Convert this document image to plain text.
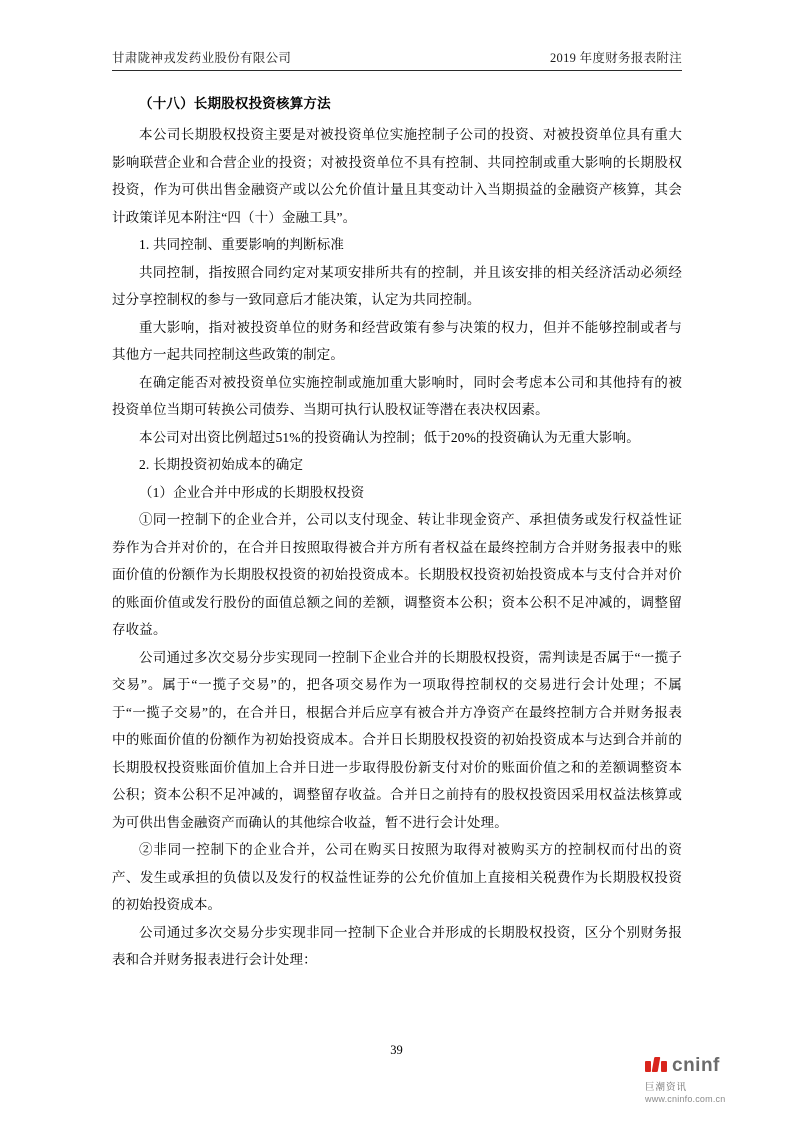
甘肃陇神戎发药业股份有限公司	2019 年度财务报表附注
（十八）长期股权投资核算方法

本公司长期股权投资主要是对被投资单位实施控制子公司的投资、对被投资单位具有重大影响联营企业和合营企业的投资；对被投资单位不具有控制、共同控制或重大影响的长期股权投资，作为可供出售金融资产或以公允价值计量且其变动计入当期损益的金融资产核算，其会计政策详见本附注“四（十）金融工具”。

1. 共同控制、重要影响的判断标准

共同控制，指按照合同约定对某项安排所共有的控制，并且该安排的相关经济活动必须经过分享控制权的参与一致同意后才能决策，认定为共同控制。

重大影响，指对被投资单位的财务和经营政策有参与决策的权力，但并不能够控制或者与其他方一起共同控制这些政策的制定。

在确定能否对被投资单位实施控制或施加重大影响时，同时会考虑本公司和其他持有的被投资单位当期可转换公司债券、当期可执行认股权证等潜在表决权因素。

本公司对出资比例超过51%的投资确认为控制；低于20%的投资确认为无重大影响。

2. 长期投资初始成本的确定

（1）企业合并中形成的长期股权投资

①同一控制下的企业合并，公司以支付现金、转让非现金资产、承担债务或发行权益性证券作为合并对价的，在合并日按照取得被合并方所有者权益在最终控制方合并财务报表中的账面价值的份额作为长期股权投资的初始投资成本。长期股权投资初始投资成本与支付合并对价的账面价值或发行股份的面值总额之间的差额，调整资本公积；资本公积不足冲减的，调整留存收益。

公司通过多次交易分步实现同一控制下企业合并的长期股权投资，需判读是否属于“一揽子交易”。属于“一揽子交易”的，把各项交易作为一项取得控制权的交易进行会计处理；不属于“一揽子交易”的，在合并日，根据合并后应享有被合并方净资产在最终控制方合并财务报表中的账面价值的份额作为初始投资成本。合并日长期股权投资的初始投资成本与达到合并前的长期股权投资账面价值加上合并日进一步取得股份新支付对价的账面价值之和的差额调整资本公积；资本公积不足冲减的，调整留存收益。合并日之前持有的股权投资因采用权益法核算或为可供出售金融资产而确认的其他综合收益，暂不进行会计处理。

②非同一控制下的企业合并，公司在购买日按照为取得对被购买方的控制权而付出的资产、发生或承担的负债以及发行的权益性证券的公允价值加上直接相关税费作为长期股权投资的初始投资成本。

公司通过多次交易分步实现非同一控制下企业合并形成的长期股权投资，区分个别财务报表和合并财务报表进行会计处理：

39
cninf
巨潮资讯
www.cninfo.com.cn
